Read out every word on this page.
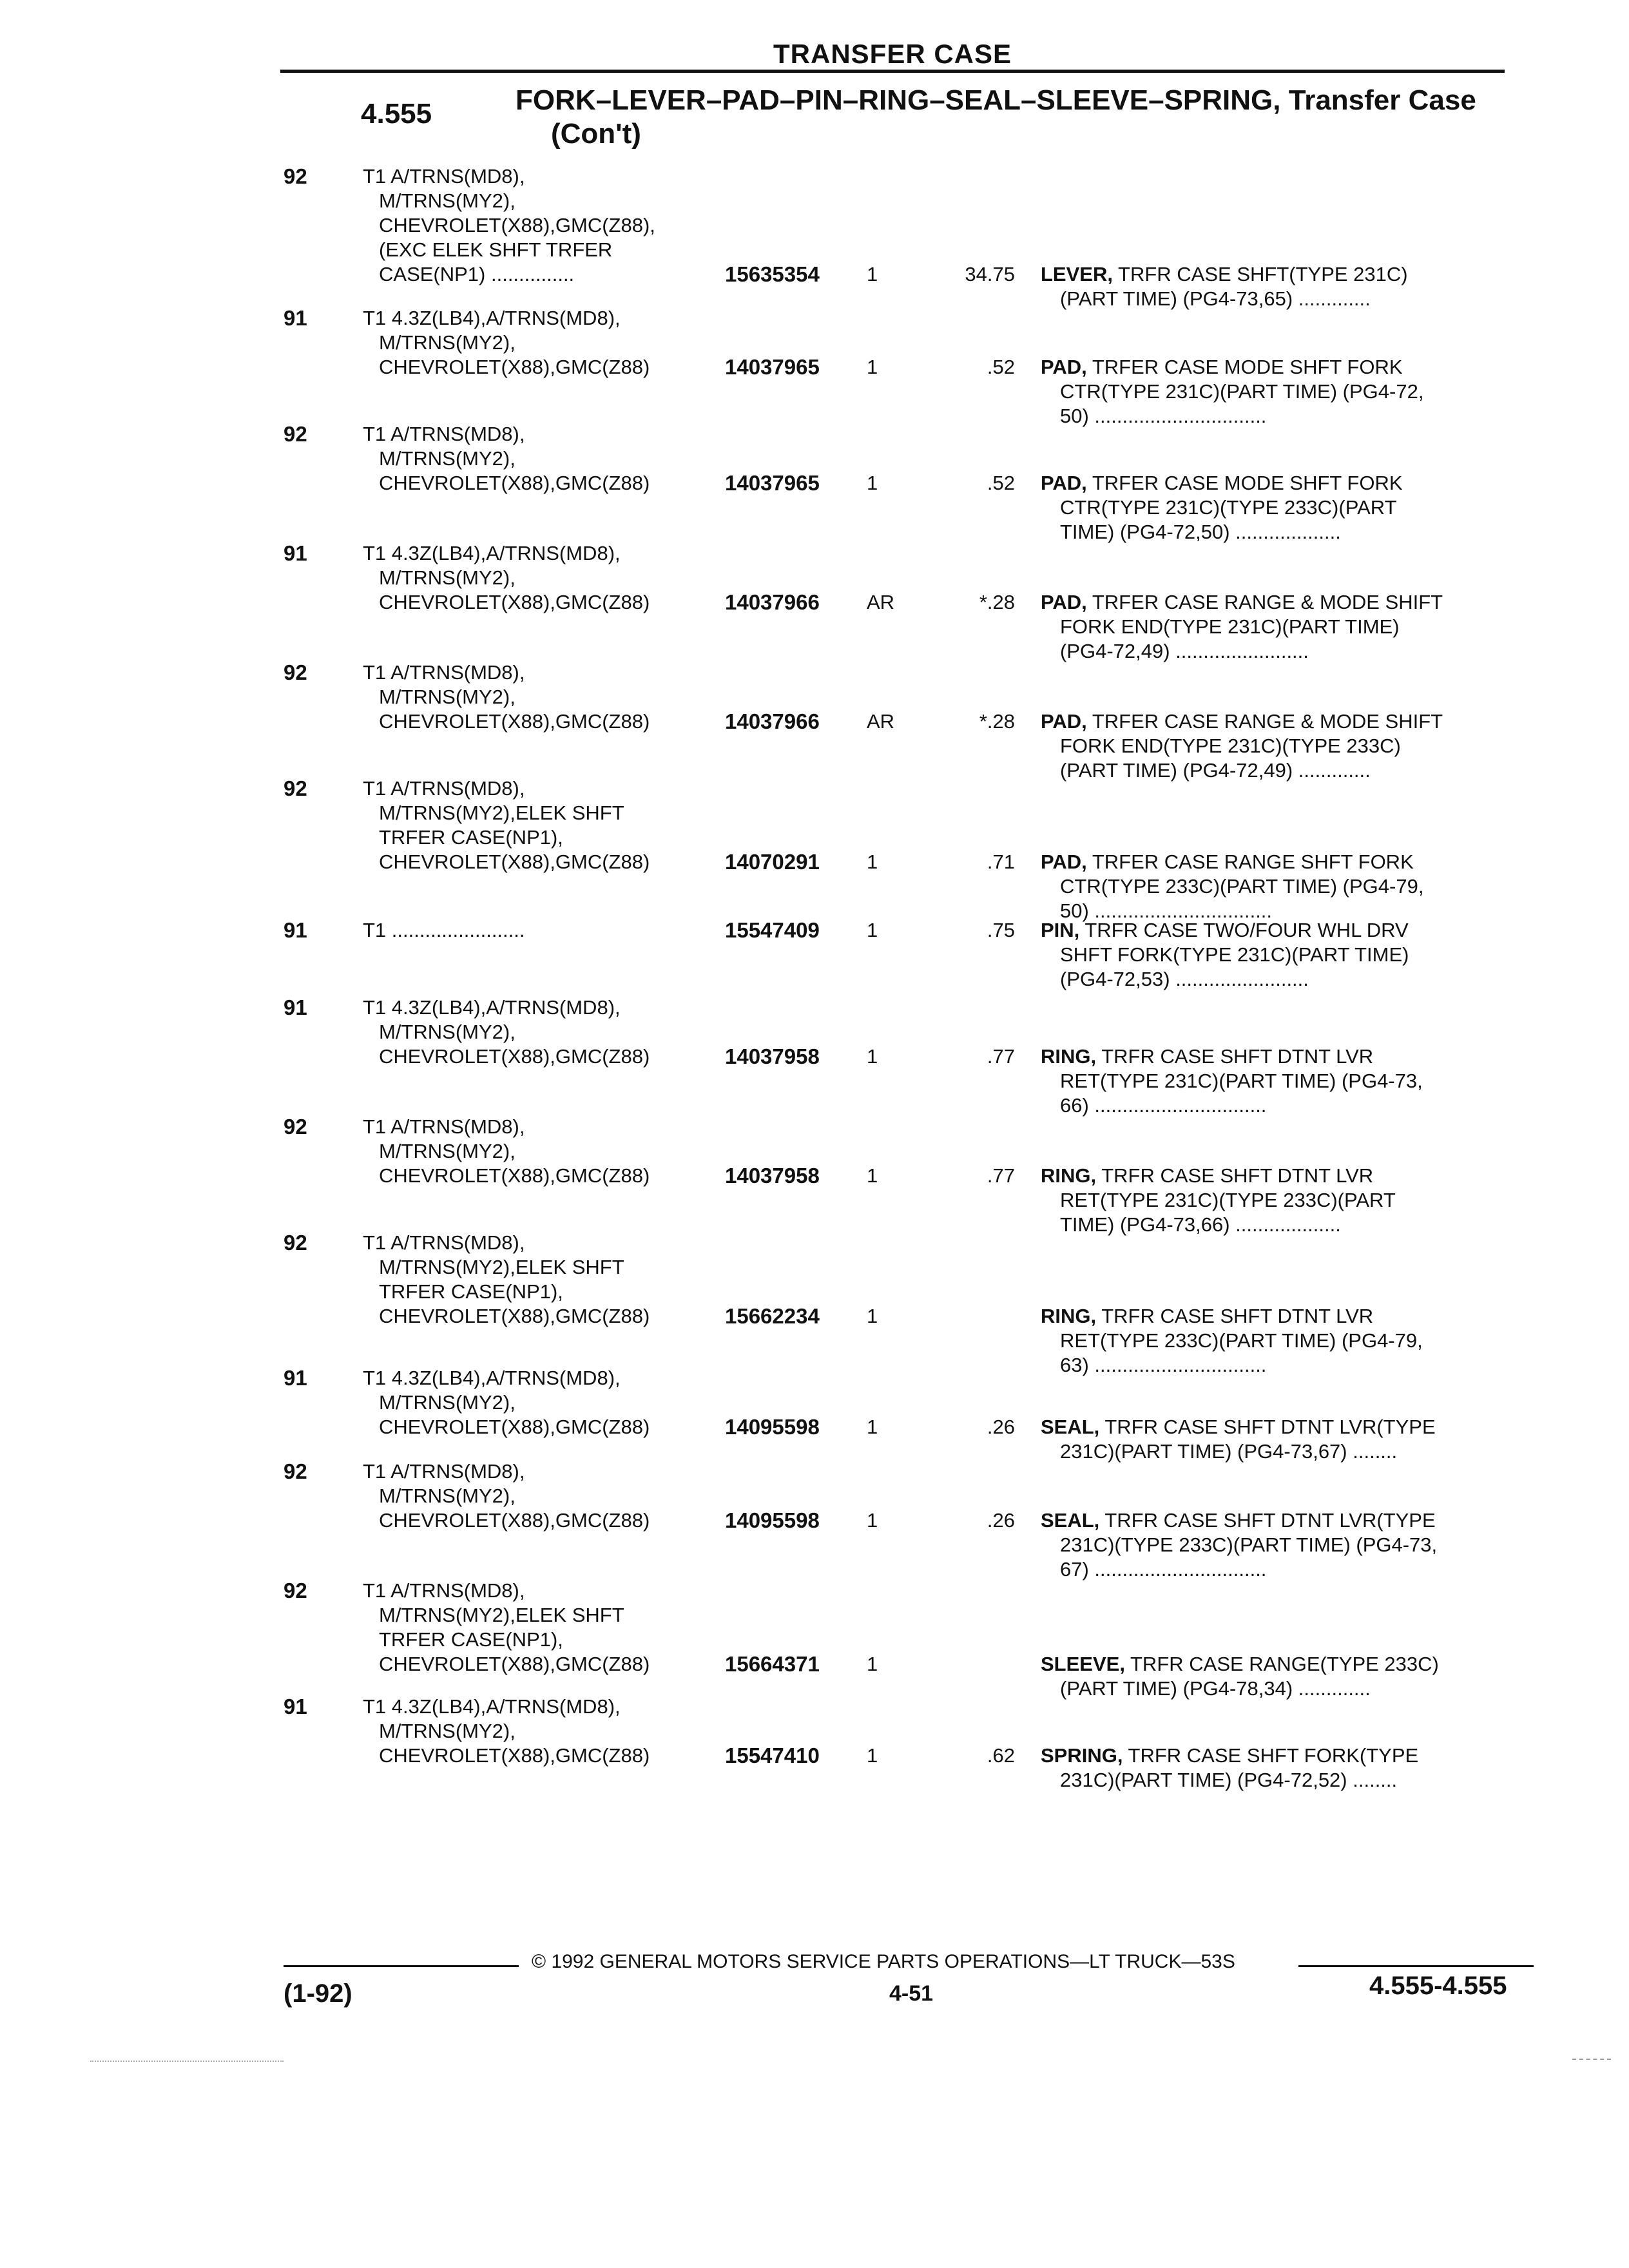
TRANSFER CASE
4.555	FORK–LEVER–PAD–PIN–RING–SEAL–SLEEVE–SPRING, Transfer Case
(Con't)
92	T1 A/TRNS(MD8),
M/TRNS(MY2),
CHEVROLET(X88),GMC(Z88),
(EXC ELEK SHFT TRFER
CASE(NP1) ...............	15635354 1	34.75 LEVER, TRFR CASE SHFT(TYPE 231C)
(PART TIME) (PG4-73,65) .............
91	T1 4.3Z(LB4),A/TRNS(MD8),
M/TRNS(MY2),
CHEVROLET(X88),GMC(Z88)	14037965 1	.52 PAD, TRFER CASE MODE SHFT FORK
CTR(TYPE 231C)(PART TIME) (PG4-72,
50) ...............................
92	T1 A/TRNS(MD8),
M/TRNS(MY2),
CHEVROLET(X88),GMC(Z88)	14037965 1	.52 PAD, TRFER CASE MODE SHFT FORK
CTR(TYPE 231C)(TYPE 233C)(PART
TIME) (PG4-72,50) ...................
91	T1 4.3Z(LB4),A/TRNS(MD8),
M/TRNS(MY2),
CHEVROLET(X88),GMC(Z88)	14037966 AR	*.28 PAD, TRFER CASE RANGE & MODE SHIFT
FORK END(TYPE 231C)(PART TIME)
(PG4-72,49) ........................
92	T1 A/TRNS(MD8),
M/TRNS(MY2),
CHEVROLET(X88),GMC(Z88)	14037966 AR	*.28 PAD, TRFER CASE RANGE & MODE SHIFT
FORK END(TYPE 231C)(TYPE 233C)
(PART TIME) (PG4-72,49) .............
92	T1 A/TRNS(MD8),
M/TRNS(MY2),ELEK SHFT
TRFER CASE(NP1),
CHEVROLET(X88),GMC(Z88)	14070291 1	.71 PAD, TRFER CASE RANGE SHFT FORK
CTR(TYPE 233C)(PART TIME) (PG4-79,
50) ................................
91	T1 ........................	15547409 1	.75 PIN, TRFR CASE TWO/FOUR WHL DRV
SHFT FORK(TYPE 231C)(PART TIME)
(PG4-72,53) ........................
91	T1 4.3Z(LB4),A/TRNS(MD8),
M/TRNS(MY2),
CHEVROLET(X88),GMC(Z88)	14037958 1	.77 RING, TRFR CASE SHFT DTNT LVR
RET(TYPE 231C)(PART TIME) (PG4-73,
66) ...............................
92	T1 A/TRNS(MD8),
M/TRNS(MY2),
CHEVROLET(X88),GMC(Z88)	14037958 1	.77 RING, TRFR CASE SHFT DTNT LVR
RET(TYPE 231C)(TYPE 233C)(PART
TIME) (PG4-73,66) ...................
92	T1 A/TRNS(MD8),
M/TRNS(MY2),ELEK SHFT
TRFER CASE(NP1),
CHEVROLET(X88),GMC(Z88)	15662234 1	RING, TRFR CASE SHFT DTNT LVR
RET(TYPE 233C)(PART TIME) (PG4-79,
63) ...............................
91	T1 4.3Z(LB4),A/TRNS(MD8),
M/TRNS(MY2),
CHEVROLET(X88),GMC(Z88)	14095598 1	.26 SEAL, TRFR CASE SHFT DTNT LVR(TYPE
231C)(PART TIME) (PG4-73,67) ........
92	T1 A/TRNS(MD8),
M/TRNS(MY2),
CHEVROLET(X88),GMC(Z88)	14095598 1	.26 SEAL, TRFR CASE SHFT DTNT LVR(TYPE
231C)(TYPE 233C)(PART TIME) (PG4-73,
67) ...............................
92	T1 A/TRNS(MD8),
M/TRNS(MY2),ELEK SHFT
TRFER CASE(NP1),
CHEVROLET(X88),GMC(Z88)	15664371 1	SLEEVE, TRFR CASE RANGE(TYPE 233C)
(PART TIME) (PG4-78,34) .............
91	T1 4.3Z(LB4),A/TRNS(MD8),
M/TRNS(MY2),
CHEVROLET(X88),GMC(Z88)	15547410 1	.62 SPRING, TRFR CASE SHFT FORK(TYPE
231C)(PART TIME) (PG4-72,52) ........
© 1992 GENERAL MOTORS SERVICE PARTS OPERATIONS—LT TRUCK—53S
(1-92)	4-51	4.555-4.555
